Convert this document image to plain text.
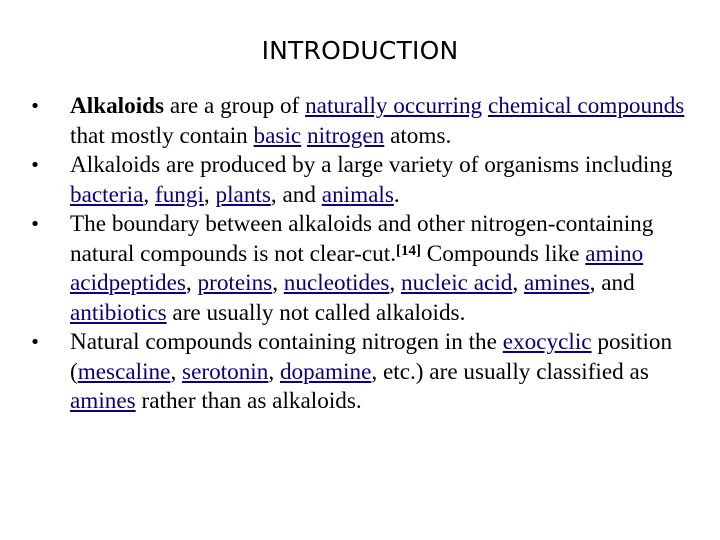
INTRODUCTION
• Alkaloids are a group of naturally occurring chemical compounds that mostly contain basic nitrogen atoms.
• Alkaloids are produced by a large variety of organisms including bacteria, fungi, plants, and animals.
• The boundary between alkaloids and other nitrogen-containing natural compounds is not clear-cut.[14] Compounds like amino acidpeptides, proteins, nucleotides, nucleic acid, amines, and antibiotics are usually not called alkaloids.
• Natural compounds containing nitrogen in the exocyclic position (mescaline, serotonin, dopamine, etc.) are usually classified as amines rather than as alkaloids.
